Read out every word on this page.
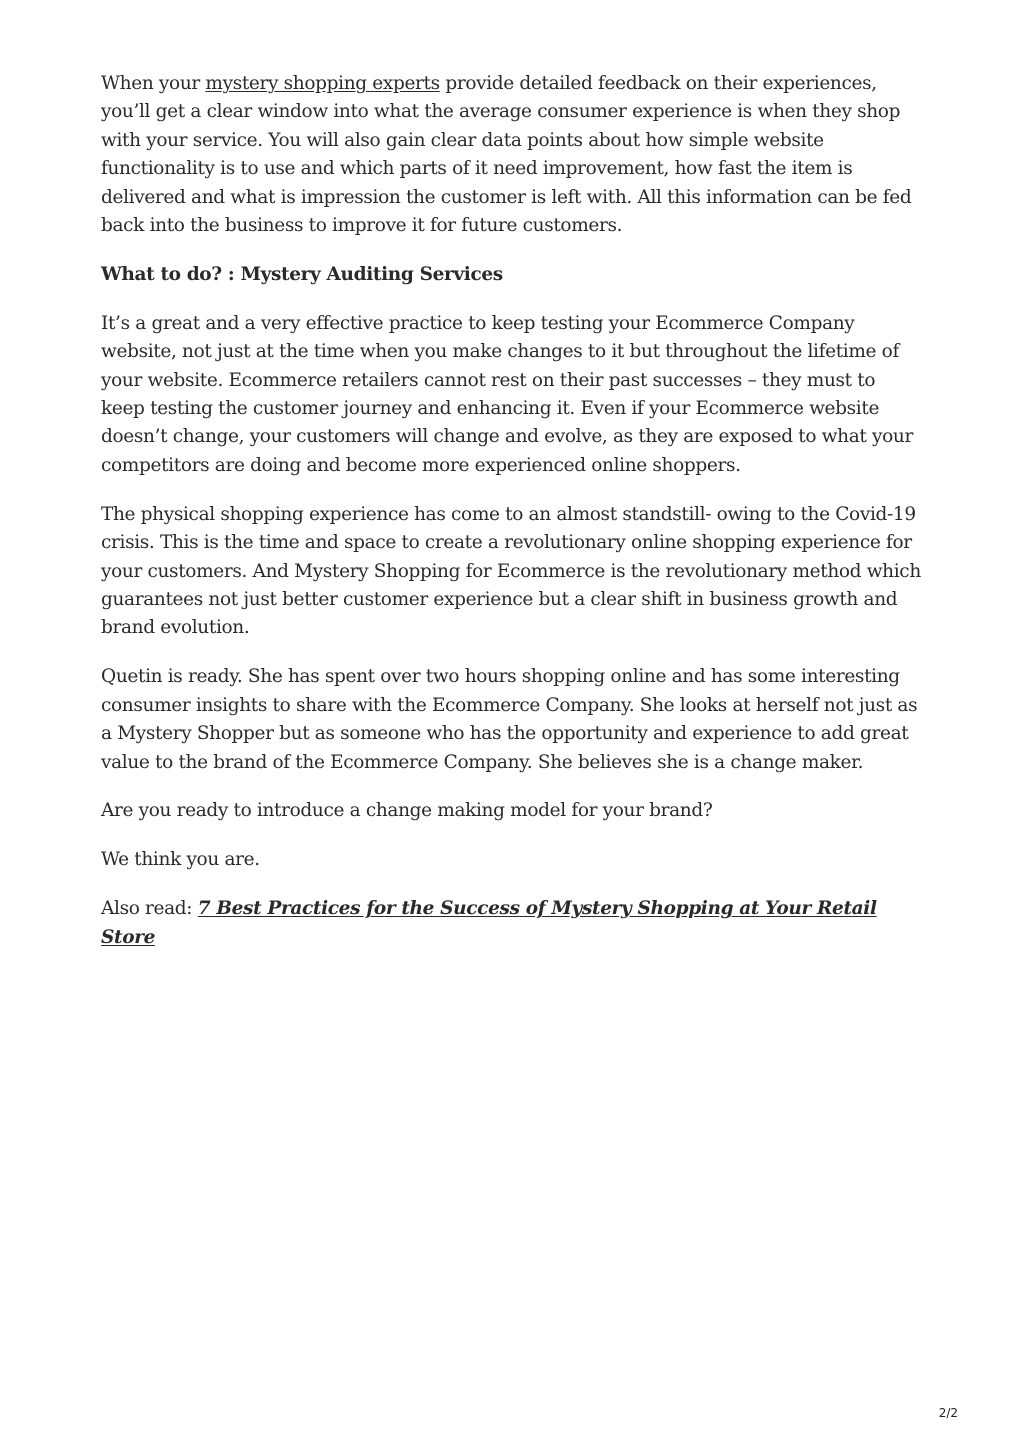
When your mystery shopping experts provide detailed feedback on their experiences, you’ll get a clear window into what the average consumer experience is when they shop with your service. You will also gain clear data points about how simple website functionality is to use and which parts of it need improvement, how fast the item is delivered and what is impression the customer is left with. All this information can be fed back into the business to improve it for future customers.

What to do? : Mystery Auditing Services

It’s a great and a very effective practice to keep testing your Ecommerce Company website, not just at the time when you make changes to it but throughout the lifetime of your website. Ecommerce retailers cannot rest on their past successes – they must to keep testing the customer journey and enhancing it. Even if your Ecommerce website doesn’t change, your customers will change and evolve, as they are exposed to what your competitors are doing and become more experienced online shoppers.

The physical shopping experience has come to an almost standstill- owing to the Covid-19 crisis. This is the time and space to create a revolutionary online shopping experience for your customers. And Mystery Shopping for Ecommerce is the revolutionary method which guarantees not just better customer experience but a clear shift in business growth and brand evolution.

Quetin is ready. She has spent over two hours shopping online and has some interesting consumer insights to share with the Ecommerce Company. She looks at herself not just as a Mystery Shopper but as someone who has the opportunity and experience to add great value to the brand of the Ecommerce Company. She believes she is a change maker.

Are you ready to introduce a change making model for your brand?

We think you are.

Also read: 7 Best Practices for the Success of Mystery Shopping at Your Retail Store

2/2
